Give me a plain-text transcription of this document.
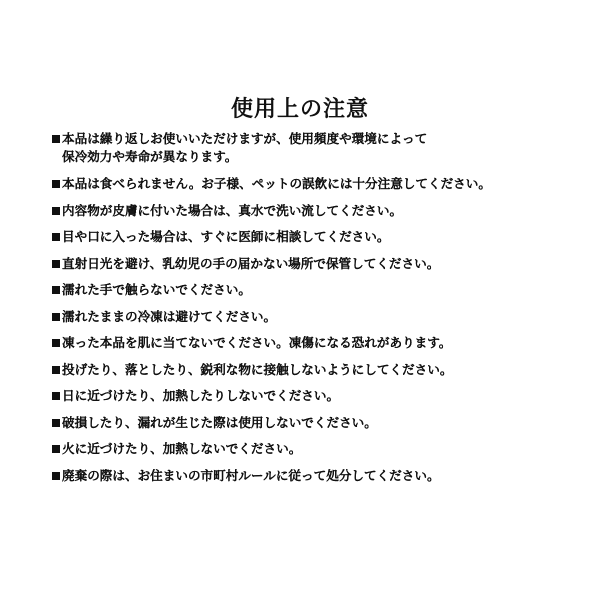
使用上の注意
本品は繰り返しお使いいただけますが、使用頻度や環境によって
保冷効力や寿命が異なります。
本品は食べられません。お子様、ペットの誤飲には十分注意してください。
内容物が皮膚に付いた場合は、真水で洗い流してください。
目や口に入った場合は、すぐに医師に相談してください。
直射日光を避け、乳幼児の手の届かない場所で保管してください。
濡れた手で触らないでください。
濡れたままの冷凍は避けてください。
凍った本品を肌に当てないでください。凍傷になる恐れがあります。
投げたり、落としたり、鋭利な物に接触しないようにしてください。
日に近づけたり、加熱したりしないでください。
破損したり、漏れが生じた際は使用しないでください。
火に近づけたり、加熱しないでください。
廃棄の際は、お住まいの市町村ルールに従って処分してください。
